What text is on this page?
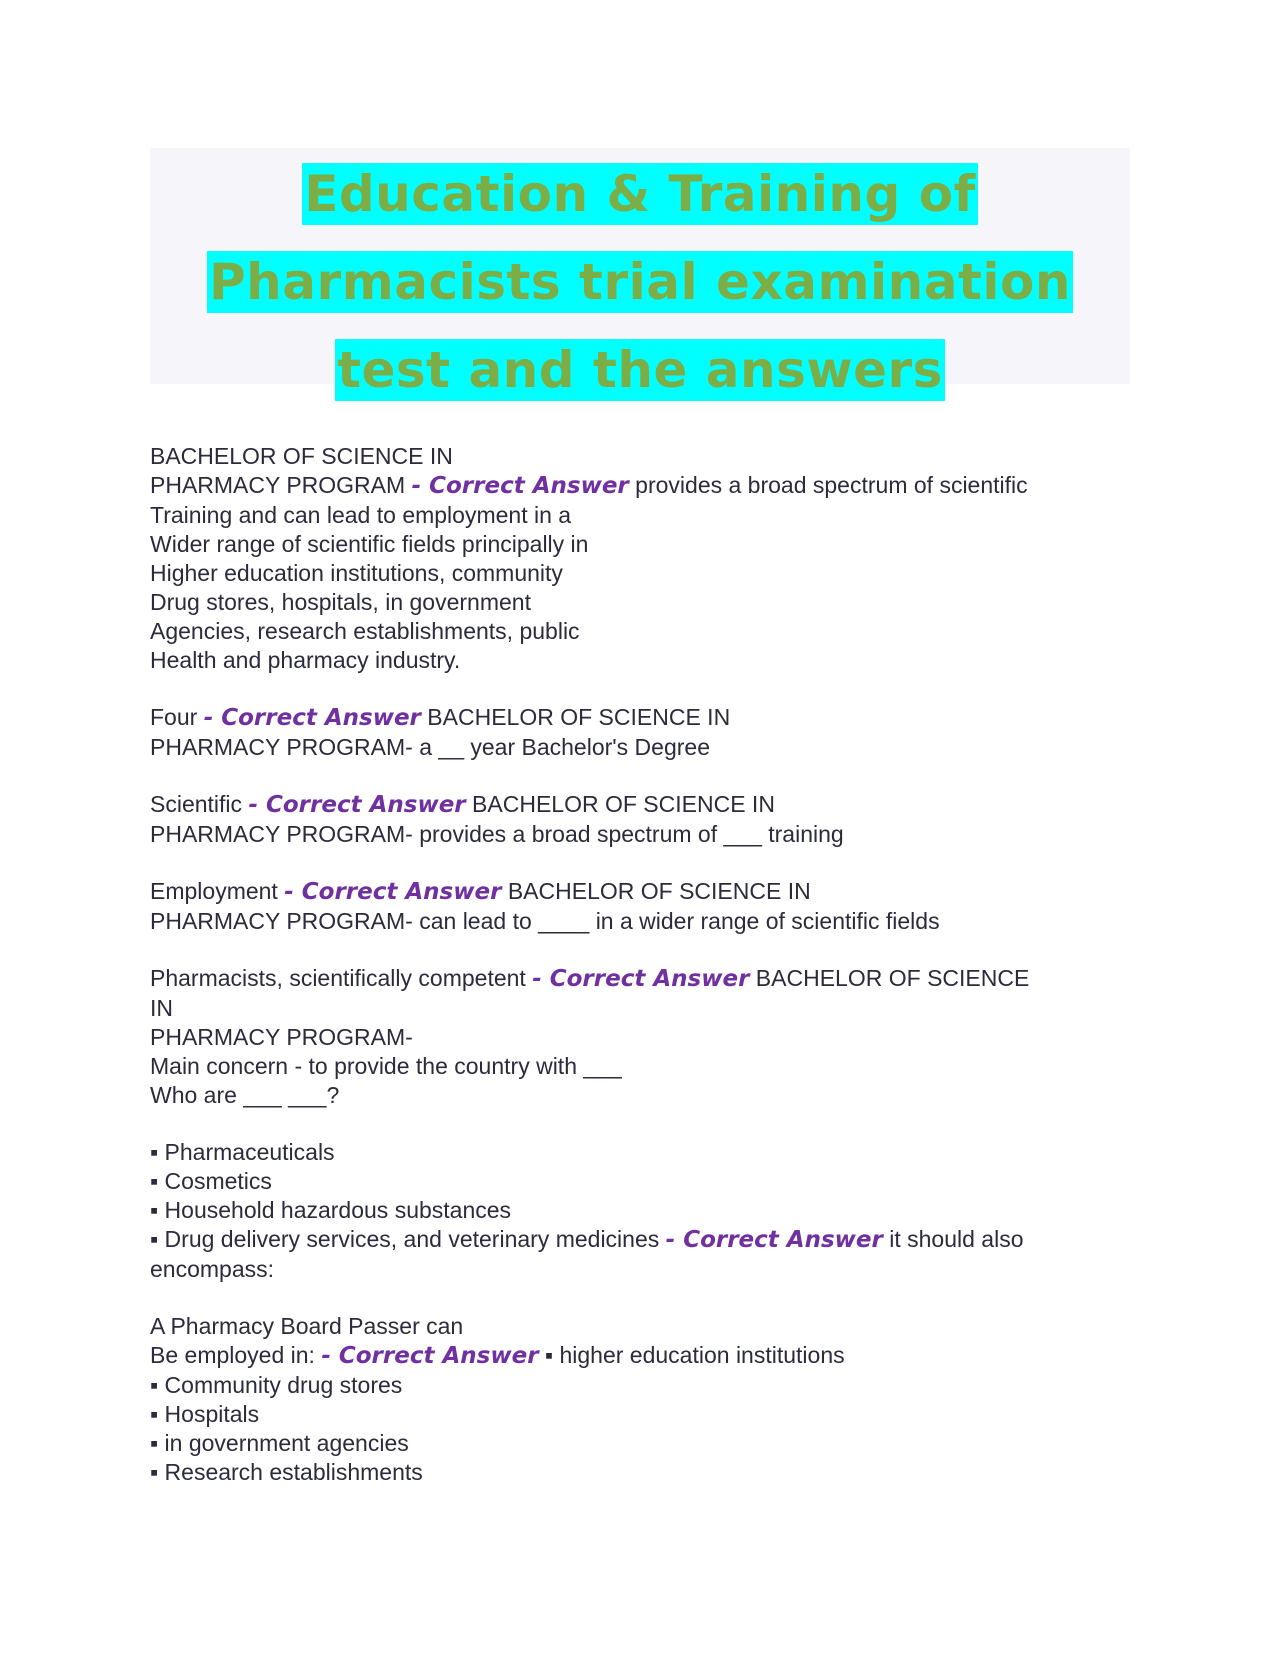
Education & Training of
Pharmacists trial examination
test and the answers
BACHELOR OF SCIENCE IN
PHARMACY PROGRAM - Correct Answer provides a broad spectrum of scientific
Training and can lead to employment in a
Wider range of scientific fields principally in
Higher education institutions, community
Drug stores, hospitals, in government
Agencies, research establishments, public
Health and pharmacy industry.
Four - Correct Answer BACHELOR OF SCIENCE IN
PHARMACY PROGRAM- a __ year Bachelor's Degree
Scientific - Correct Answer BACHELOR OF SCIENCE IN
PHARMACY PROGRAM- provides a broad spectrum of ___ training
Employment - Correct Answer BACHELOR OF SCIENCE IN
PHARMACY PROGRAM- can lead to ____ in a wider range of scientific fields
Pharmacists, scientifically competent - Correct Answer BACHELOR OF SCIENCE
IN
PHARMACY PROGRAM-
Main concern - to provide the country with ___
Who are ___ ___?
▪ Pharmaceuticals
▪ Cosmetics
▪ Household hazardous substances
▪ Drug delivery services, and veterinary medicines - Correct Answer it should also
encompass:
A Pharmacy Board Passer can
Be employed in: - Correct Answer ▪ higher education institutions
▪ Community drug stores
▪ Hospitals
▪ in government agencies
▪ Research establishments
